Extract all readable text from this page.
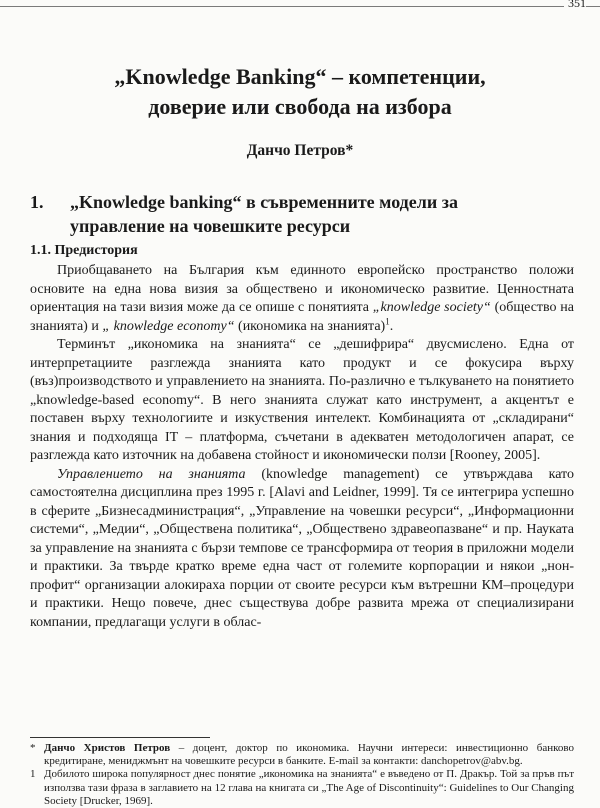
351
„Knowledge Banking“ – компетенции,
доверие или свобода на избора

Данчо Петров*

1. „Knowledge banking“ в съвременните модели за
управление на човешките ресурси
1.1. Предистория

Приобщаването на България към единното европейско пространство положи основите на една нова визия за обществено и икономическо развитие. Ценностната ориентация на тази визия може да се опише с понятията „knowledge society“ (общество на знанията) и „ knowledge economy“ (икономика на знанията)$^1$.

Терминът „икономика на знанията“ се „дешифрира“ двусмислено. Една от интерпретациите разглежда знанията като продукт и се фокусира върху (въз)производството и управлението на знанията. По-различно е тълкуването на понятието „knowledge-based economy“. В него знанията служат като инструмент, а акцентът е поставен върху технологиите и изкуствения интелект. Комбинацията от „складирани“ знания и подходяща IT – платформа, съчетани в адекватен методологичен апарат, се разглежда като източник на добавена стойност и икономически ползи [Rooney, 2005].

Управлението на знанията (knowledge management) се утвърждава като самостоятелна дисциплина през 1995 г. [Alavi and Leidner, 1999]. Тя се интегрира успешно в сферите „Бизнесадминистрация“, „Управление на човешки ресурси“, „Информационни системи“, „Медии“, „Обществена политика“, „Обществено здравеопазване“ и пр. Науката за управление на знанията с бързи темпове се трансформира от теория в приложни модели и практики. За твърде кратко време една част от големите корпорации и някои „нон-профит“ организации алокираха порции от своите ресурси към вътрешни КМ–процедури и практики. Нещо повече, днес съществува добре развита мрежа от специализирани компании, предлагащи услуги в облас-

* Данчо Христов Петров – доцент, доктор по икономика. Научни интереси: инвестиционно банково кредитиране, мениджмънт на човешките ресурси в банките. E-mail за контакти: danchopetrov@abv.bg.

1 Добилото широка популярност днес понятие „икономика на знанията“ е въведено от П. Дракър. Той за пръв път използва тази фраза в заглавието на 12 глава на книгата си „The Age of Discontinuity“: Guidelines to Our Changing Society [Drucker, 1969].
